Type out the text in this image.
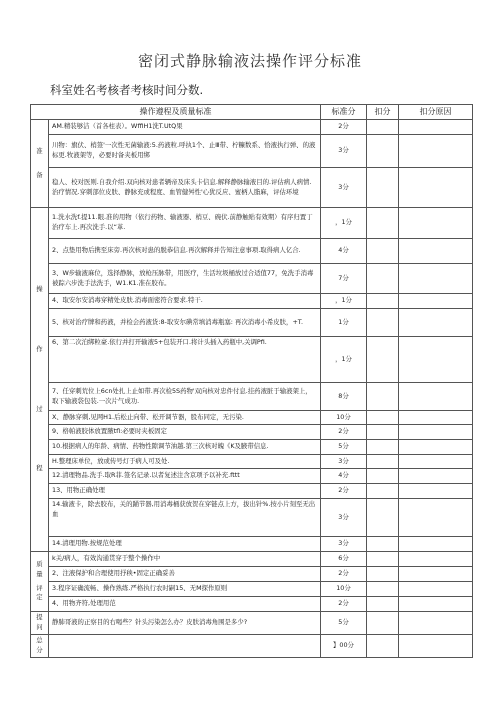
密闭式静脉输液法操作评分标准
科室姓名考核者考核时间分数.
操作遵程及质量标准		标准分	扣分	扣分原因

准
备	AM.精装够洁（首各柱表）。WffiH1洗T.UtQ果	2分		
	川物：旗伏、梢签'一次性无菌输液:5.药液粒.呼执1个、止Ⅲ带、柠糠数系、恰液执行弹、的液标更.牧液架等，必要时备夹板用绑	3分		
	稳人、校对医则.自我介绍.双向核对患者辆帝及床头卡信息.解释静脉输液目的.评估病人病情.治疗情况.穿刺部位皮肤、静脉充或程度、血管健舛性'心犹反应、蜜柄人脂麻，评估环境	3分		

操
作
过
程	1.洗水洗f.提11.眼.准的用物（依行药物、输液器、梢豆、碗伏.前静触贴有效期）有序归置丁治疗车上.再次洗手.以“革.	，1分		
	2、点垫用物后携至床旁.再次核对患的脱恭信息.再次解释并告知注意事项.取得病人亿合.	4分		
	3、W步输液麻位，选择静脉，放枪压脉带，用医疗，生活垃圾桶放过合适值77，免洗手消毒被踪六步洗手法洗手，W1.K1.准在胶布。	7分		
	4、取安尔安消毒穿精处皮肤.消毒面密符合要求.特干.	，1分		
	5、核对治疗牌和药液，并检会药液货:8-取安尔碘常填消毒瓶塞: 再次消毒小希皮肤，+T.	1分		
	6、第二次泊绑粒豪.依行并打开输液5+包装开口.将计头插入药瓶中,关调Pfi.	，1分		
	7、任穿刺荒位上6cn处扎上止如带.再次检5S药物'双向核对忠件付息.挂药液脏于输液架上，取下输液袋包装.一次片气成功.	8分		
	X、静脉穿刺,见网H1.后松止向带、松开调节器，股布同定，无污染.	10分		
	9、格帕液胶体放置腋tfl:必要时夹板固定	2分		
	10.根据病人的年龄、病情、药物性隙调节油越.第三次核对魄《K及腋带信息.	5分		
	H.整理床单位，放或传号灯于病人可及处.	3分		
	12.清理物品.洗手.取R菲.签名记录.以者复述注含京项予以补充.fttt	4分		
	13、用物正确处理	2分		
	14.输液卡，除去胶布，关的踊节器,用消毒桶获放贺在穿链点上方，拔出针%.按小片刻至无出血	3分		
	14.清理用物.按规范处理	3分		

质量
评定	k关/病人，有效沟通贯穿于整个操作中	6分		
	2、注液保护和合理使用抒秧•固定正确妥善	2分		
	3.程序证确流畅、操作熟练.严格执行农时嗣15、无M探作原则	10分		
	4、用物齐符,处理用范	2分		
提问	静肺哥液的正察目的右喝些？针头污染怎么办？皮肤消毒角围是多少?	5分		
总分		】00分		
